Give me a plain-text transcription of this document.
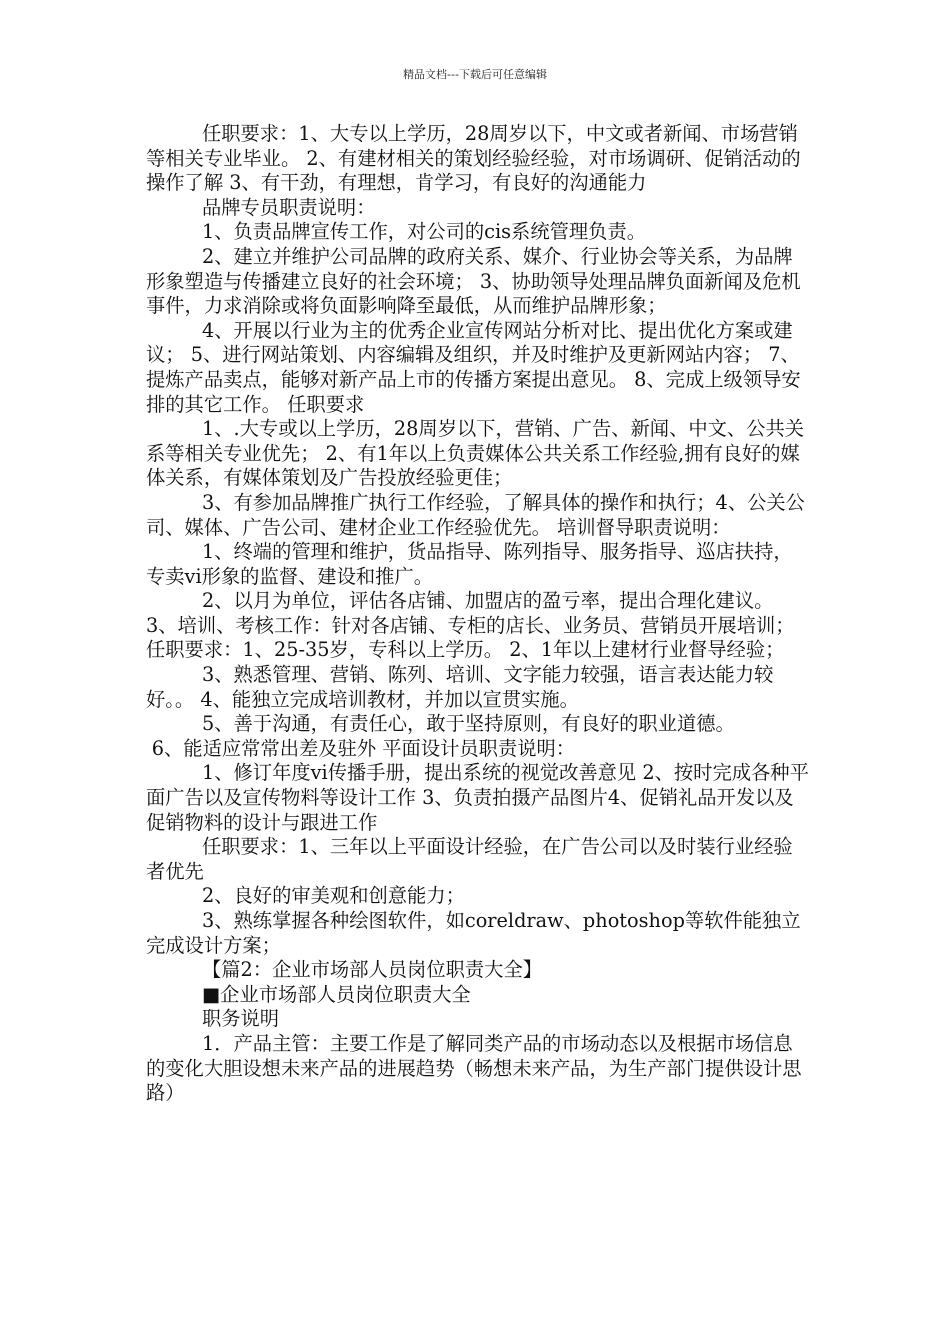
精品文档---下载后可任意编辑

任职要求：1、大专以上学历，28周岁以下，中文或者新闻、市场营销等相关专业毕业。 2、有建材相关的策划经验经验，对市场调研、促销活动的操作了解 3、有干劲，有理想，肯学习，有良好的沟通能力

品牌专员职责说明：

1、负责品牌宣传工作，对公司的cis系统管理负责。

2、建立并维护公司品牌的政府关系、媒介、行业协会等关系，为品牌形象塑造与传播建立良好的社会环境； 3、协助领导处理品牌负面新闻及危机事件，力求消除或将负面影响降至最低，从而维护品牌形象；

4、开展以行业为主的优秀企业宣传网站分析对比、提出优化方案或建议； 5、进行网站策划、内容编辑及组织，并及时维护及更新网站内容； 7、提炼产品卖点，能够对新产品上市的传播方案提出意见。 8、完成上级领导安排的其它工作。 任职要求

1、.大专或以上学历，28周岁以下，营销、广告、新闻、中文、公共关系等相关专业优先； 2、有1年以上负责媒体公共关系工作经验,拥有良好的媒体关系，有媒体策划及广告投放经验更佳；

3、有参加品牌推广执行工作经验，了解具体的操作和执行；4、公关公司、媒体、广告公司、建材企业工作经验优先。 培训督导职责说明：

1、终端的管理和维护，货品指导、陈列指导、服务指导、巡店扶持，专卖vi形象的监督、建设和推广。

2、以月为单位，评估各店铺、加盟店的盈亏率，提出合理化建议。 3、培训、考核工作：针对各店铺、专柜的店长、业务员、营销员开展培训；任职要求：1、25-35岁，专科以上学历。 2、1年以上建材行业督导经验；

3、熟悉管理、营销、陈列、培训、文字能力较强，语言表达能力较好。。 4、能独立完成培训教材，并加以宣贯实施。

5、善于沟通，有责任心，敢于坚持原则，有良好的职业道德。

6、能适应常常出差及驻外 平面设计员职责说明：

1、修订年度vi传播手册，提出系统的视觉改善意见 2、按时完成各种平面广告以及宣传物料等设计工作 3、负责拍摄产品图片4、促销礼品开发以及促销物料的设计与跟进工作

任职要求：1、三年以上平面设计经验，在广告公司以及时装行业经验者优先

2、良好的审美观和创意能力；

3、熟练掌握各种绘图软件，如coreldraw、photoshop等软件能独立完成设计方案；

【篇2：企业市场部人员岗位职责大全】

■企业市场部人员岗位职责大全

职务说明

1．产品主管：主要工作是了解同类产品的市场动态以及根据市场信息的变化大胆设想未来产品的进展趋势（畅想未来产品，为生产部门提供设计思路）
